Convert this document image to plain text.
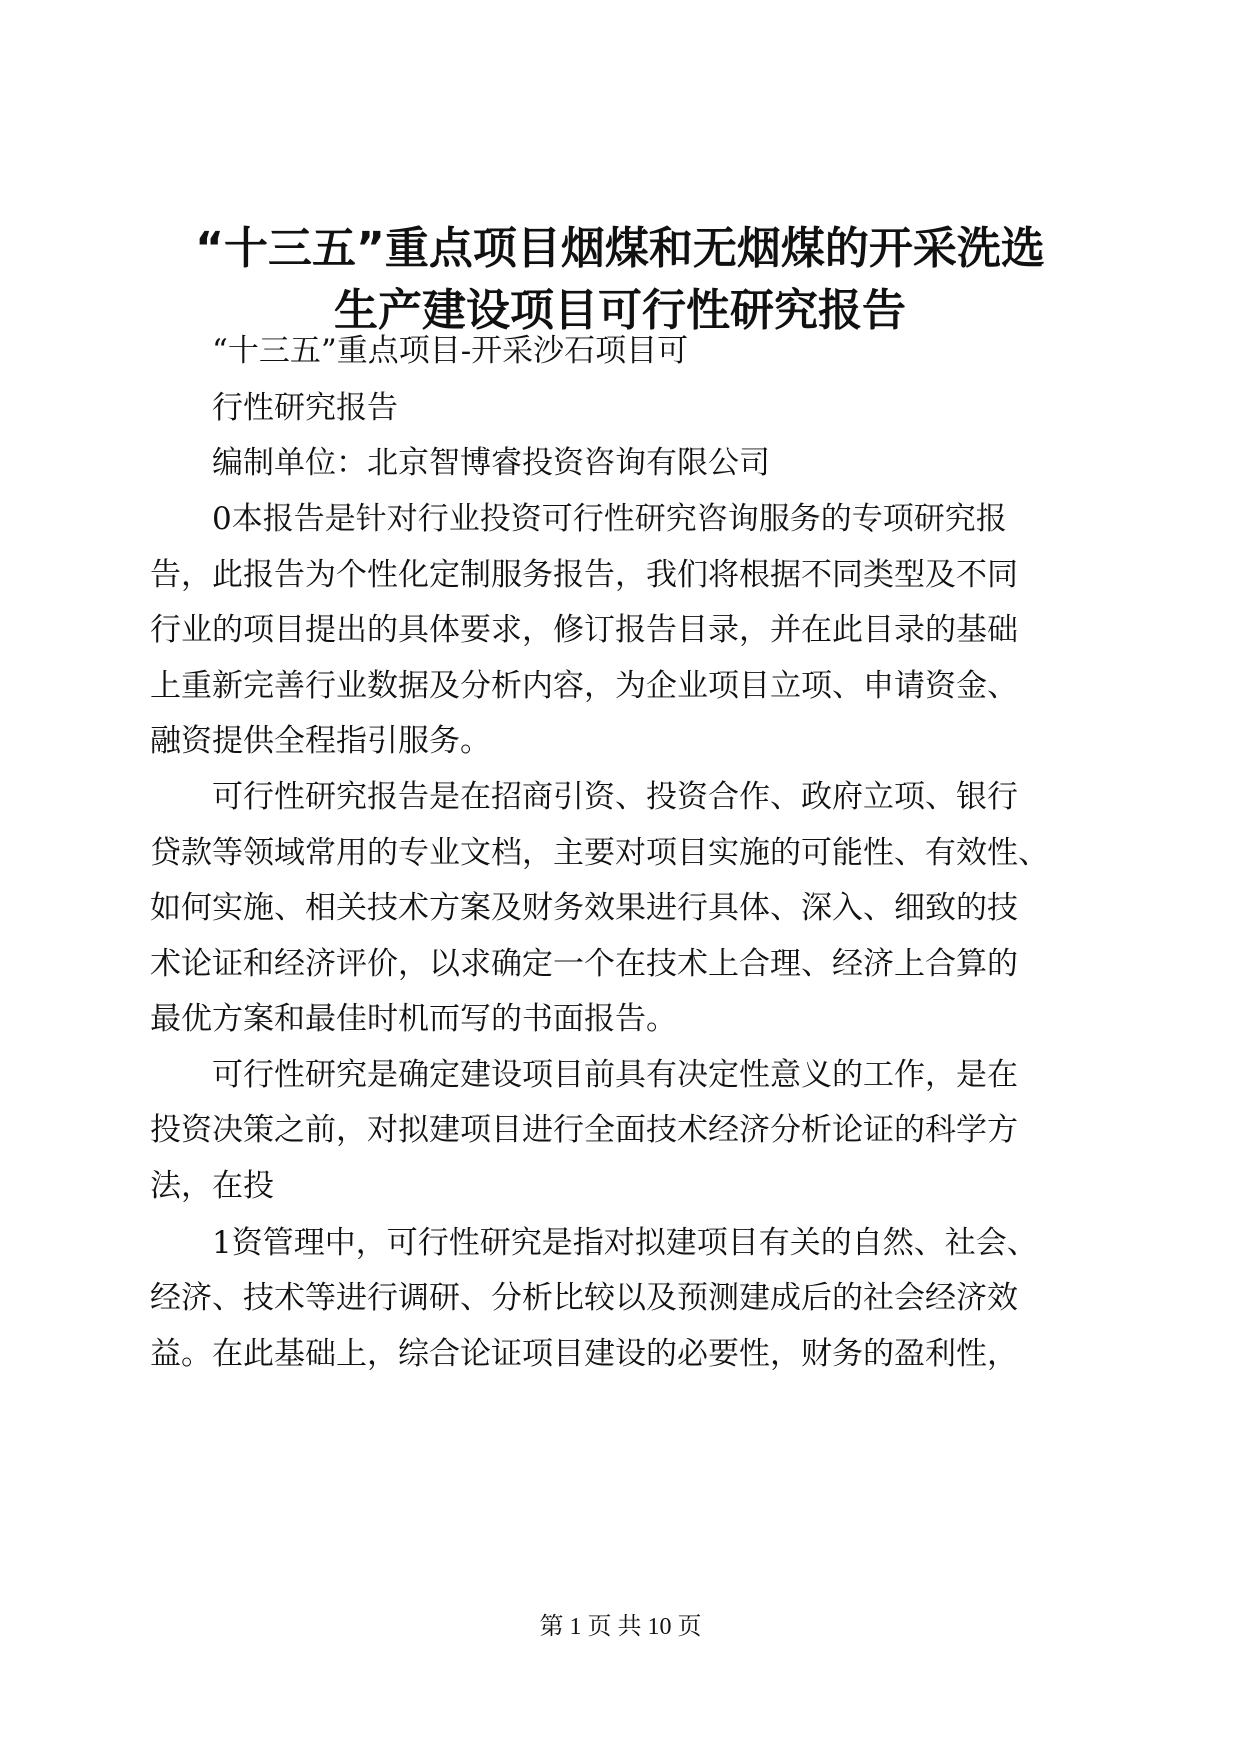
“十三五”重点项目烟煤和无烟煤的开采洗选
生产建设项目可行性研究报告
“十三五”重点项目-开采沙石项目可
行性研究报告
编制单位：北京智博睿投资咨询有限公司
0本报告是针对行业投资可行性研究咨询服务的专项研究报
告，此报告为个性化定制服务报告，我们将根据不同类型及不同
行业的项目提出的具体要求，修订报告目录，并在此目录的基础
上重新完善行业数据及分析内容，为企业项目立项、申请资金、
融资提供全程指引服务。
可行性研究报告是在招商引资、投资合作、政府立项、银行
贷款等领域常用的专业文档，主要对项目实施的可能性、有效性、
如何实施、相关技术方案及财务效果进行具体、深入、细致的技
术论证和经济评价，以求确定一个在技术上合理、经济上合算的
最优方案和最佳时机而写的书面报告。
可行性研究是确定建设项目前具有决定性意义的工作，是在
投资决策之前，对拟建项目进行全面技术经济分析论证的科学方
法，在投
1资管理中，可行性研究是指对拟建项目有关的自然、社会、
经济、技术等进行调研、分析比较以及预测建成后的社会经济效
益。在此基础上，综合论证项目建设的必要性，财务的盈利性，
第 1 页 共 10 页
